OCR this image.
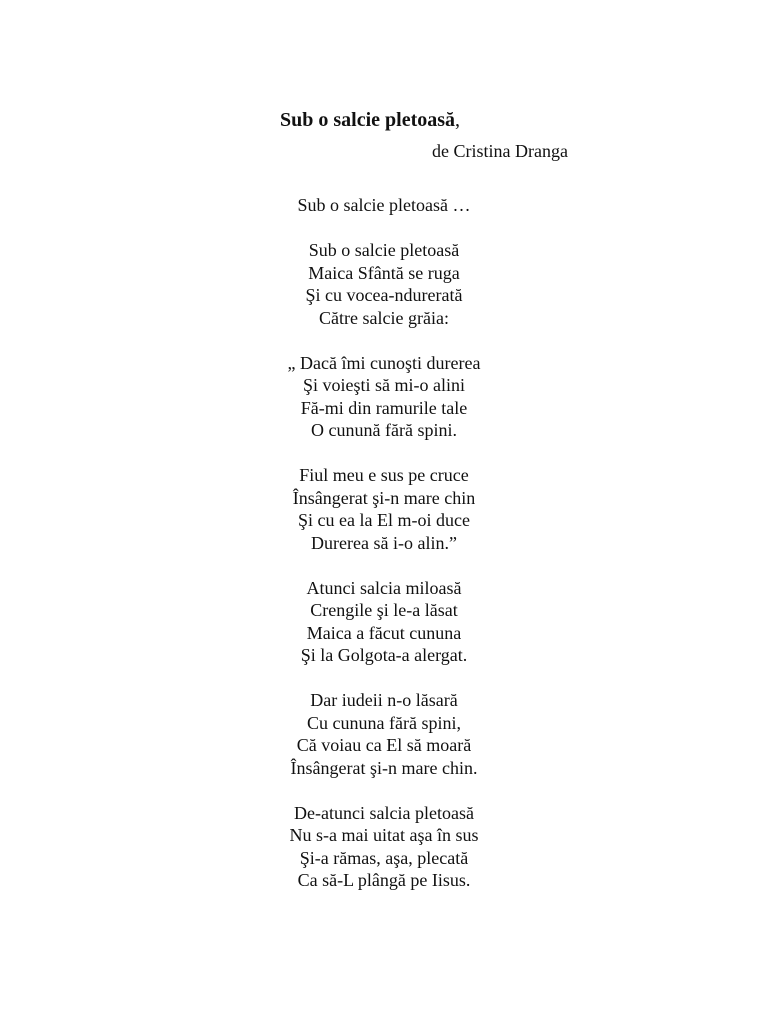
Sub o salcie pletoasă,
de Cristina Dranga

Sub o salcie pletoasă …

Sub o salcie pletoasă
Maica Sfântă se ruga
Şi cu vocea-ndurerată
Către salcie grăia:
„ Dacă îmi cunoşti durerea
Şi voieşti să mi-o alini
Fă-mi din ramurile tale
O cunună fără spini.
Fiul meu e sus pe cruce
Însângerat şi-n mare chin
Şi cu ea la El m-oi duce
Durerea să i-o alin.”
Atunci salcia miloasă
Crengile şi le-a lăsat
Maica a făcut cununa
Şi la Golgota-a alergat.
Dar iudeii n-o lăsară
Cu cununa fără spini,
Că voiau ca El să moară
Însângerat şi-n mare chin.
De-atunci salcia pletoasă
Nu s-a mai uitat aşa în sus
Şi-a rămas, aşa, plecată
Ca să-L plângă pe Iisus.
